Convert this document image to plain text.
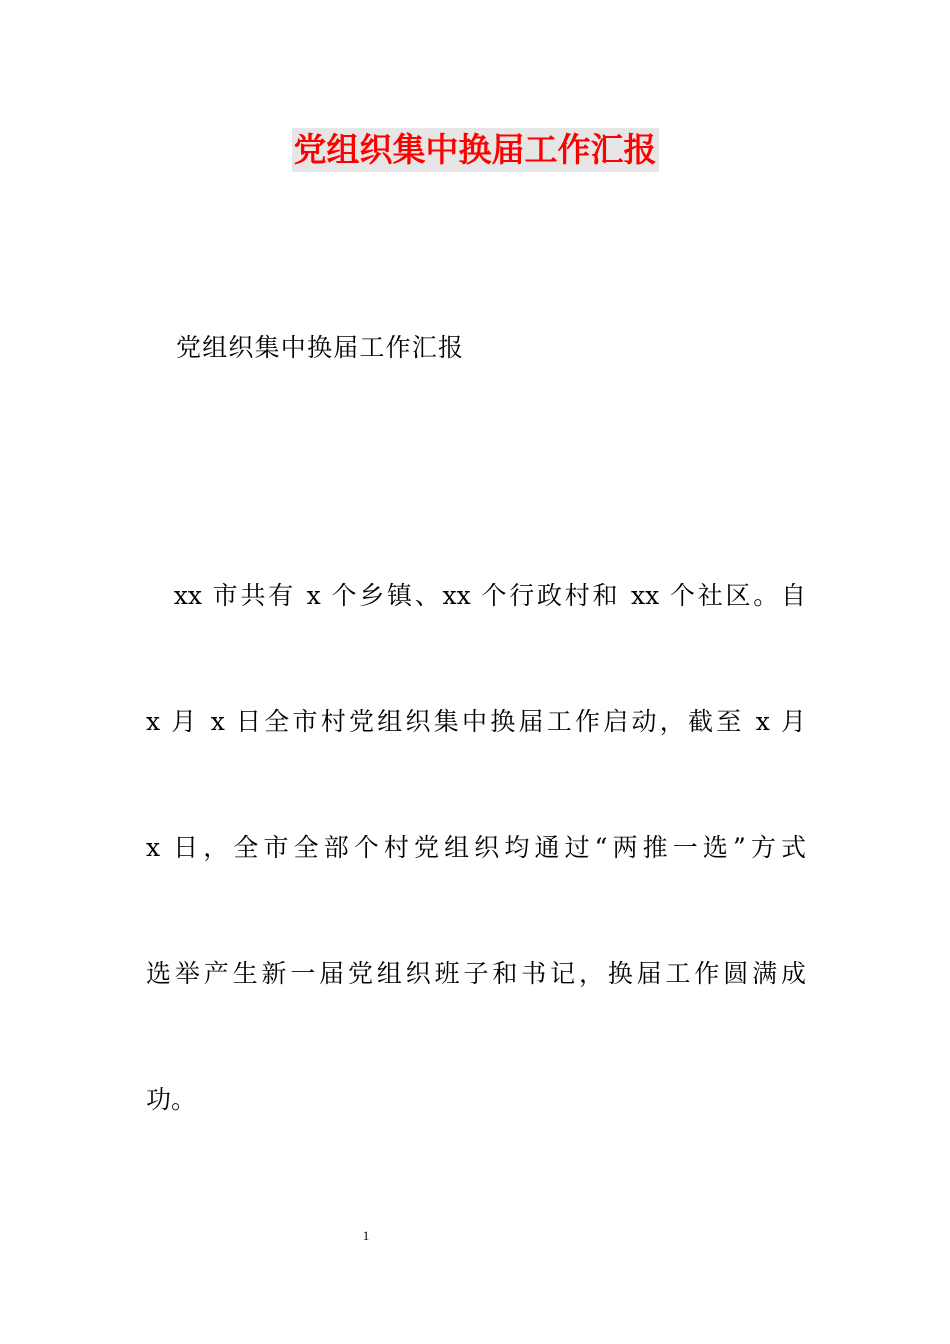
党组织集中换届工作汇报
党组织集中换届工作汇报
　xx 市共有 x 个乡镇、xx 个行政村和 xx 个社区。自
x 月 x 日全市村党组织集中换届工作启动，截至 x 月
x 日，全市全部个村党组织均通过“两推一选”方式
选举产生新一届党组织班子和书记，换届工作圆满成
功。
1
